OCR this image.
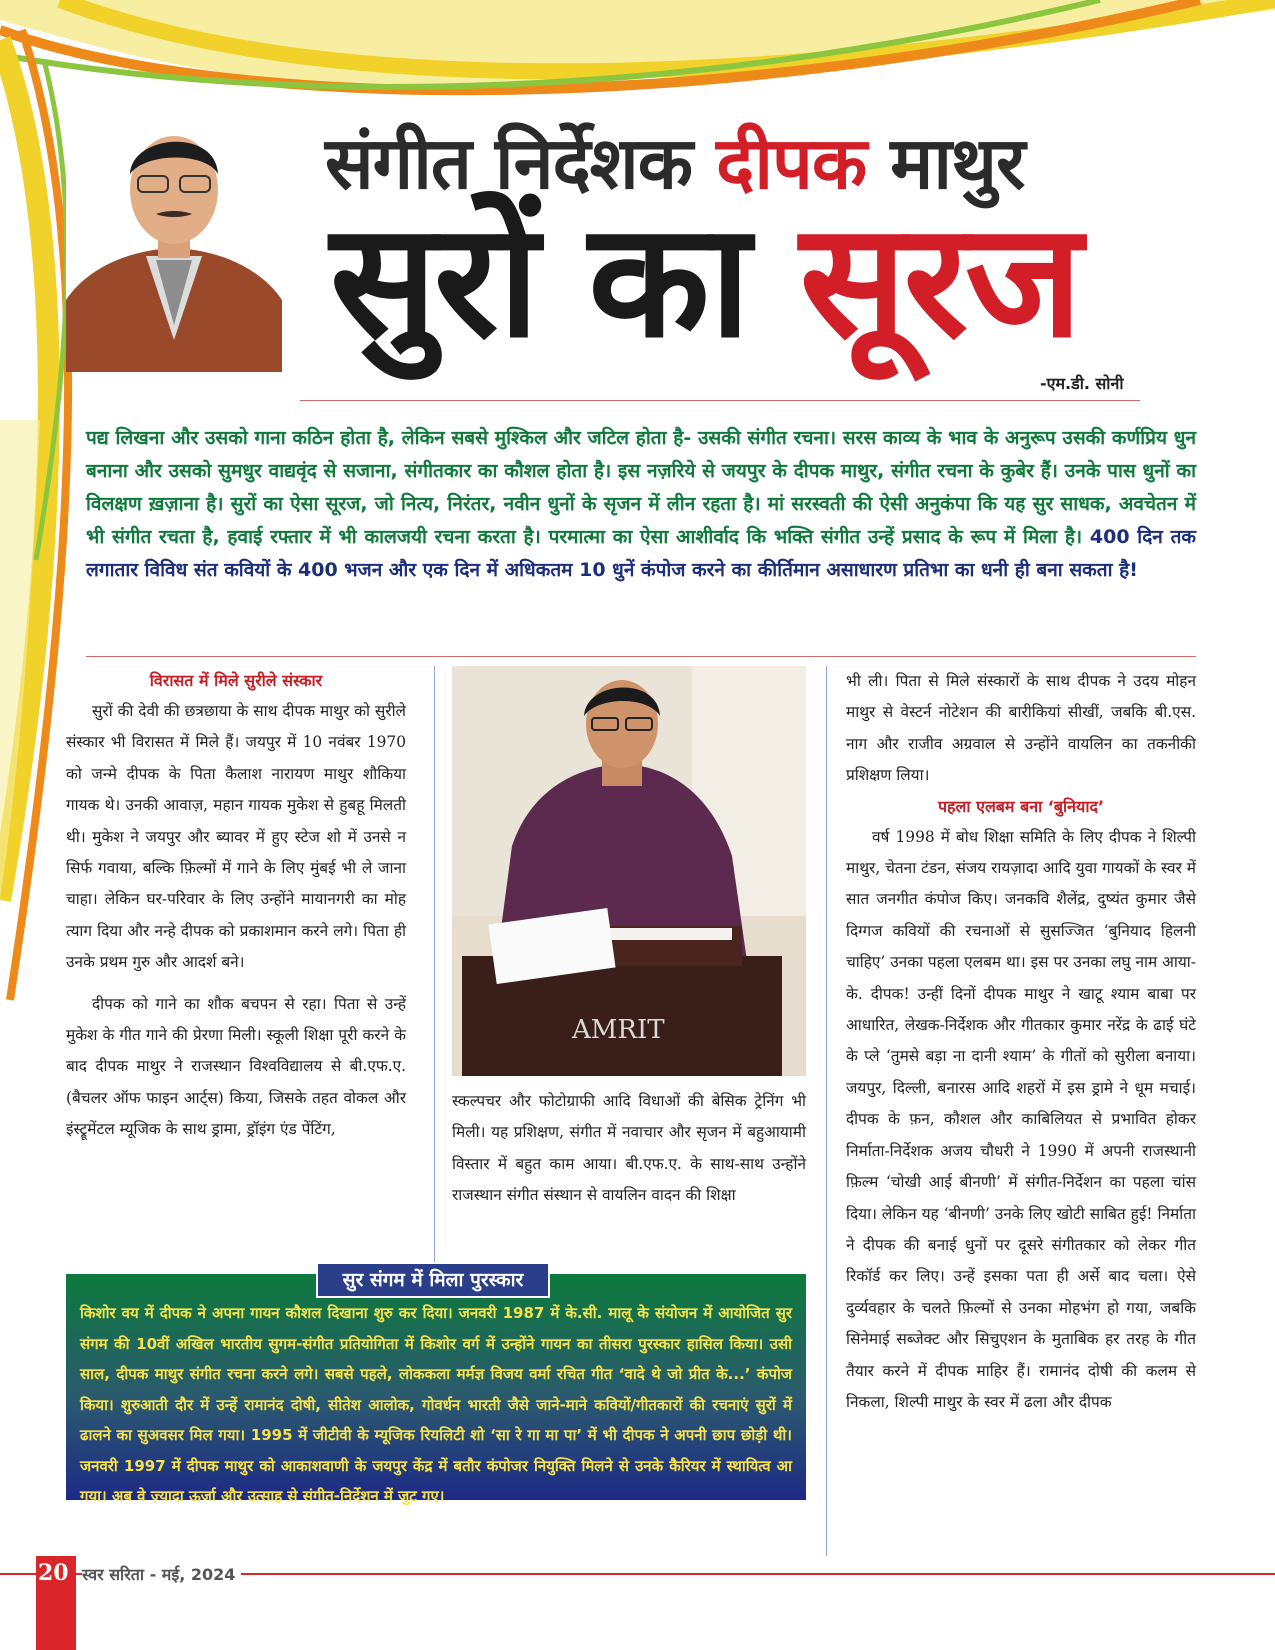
संगीत निर्देशक दीपक माथुर
सुरों का सूरज
-एम.डी. सोनी
पद्य लिखना और उसको गाना कठिन होता है, लेकिन सबसे मुश्किल और जटिल होता है- उसकी संगीत रचना। सरस काव्य के भाव के अनुरूप उसकी कर्णप्रिय धुन बनाना और उसको सुमधुर वाद्यवृंद से सजाना, संगीतकार का कौशल होता है। इस नज़रिये से जयपुर के दीपक माथुर, संगीत रचना के कुबेर हैं। उनके पास धुनों का विलक्षण ख़ज़ाना है। सुरों का ऐसा सूरज, जो नित्य, निरंतर, नवीन धुनों के सृजन में लीन रहता है। मां सरस्वती की ऐसी अनुकंपा कि यह सुर साधक, अवचेतन में भी संगीत रचता है, हवाई रफ्तार में भी कालजयी रचना करता है। परमात्मा का ऐसा आशीर्वाद कि भक्ति संगीत उन्हें प्रसाद के रूप में मिला है। 400 दिन तक लगातार विविध संत कवियों के 400 भजन और एक दिन में अधिकतम 10 धुनें कंपोज करने का कीर्तिमान असाधारण प्रतिभा का धनी ही बना सकता है!
विरासत में मिले सुरीले संस्कार

सुरों की देवी की छत्रछाया के साथ दीपक माथुर को सुरीले संस्कार भी विरासत में मिले हैं। जयपुर में 10 नवंबर 1970 को जन्मे दीपक के पिता कैलाश नारायण माथुर शौकिया गायक थे। उनकी आवाज़, महान गायक मुकेश से हुबहू मिलती थी। मुकेश ने जयपुर और ब्यावर में हुए स्टेज शो में उनसे न सिर्फ गवाया, बल्कि फ़िल्मों में गाने के लिए मुंबई भी ले जाना चाहा। लेकिन घर-परिवार के लिए उन्होंने मायानगरी का मोह त्याग दिया और नन्हे दीपक को प्रकाशमान करने लगे। पिता ही उनके प्रथम गुरु और आदर्श बने।

दीपक को गाने का शौक बचपन से रहा। पिता से उन्हें मुकेश के गीत गाने की प्रेरणा मिली। स्कूली शिक्षा पूरी करने के बाद दीपक माथुर ने राजस्थान विश्वविद्यालय से बी.एफ.ए. (बैचलर ऑफ फाइन आर्ट्स) किया, जिसके तहत वोकल और इंस्ट्रूमेंटल म्यूजिक के साथ ड्रामा, ड्रॉइंग एंड पेंटिंग,

AMRIT

स्कल्पचर और फोटोग्राफी आदि विधाओं की बेसिक ट्रेनिंग भी मिली। यह प्रशिक्षण, संगीत में नवाचार और सृजन में बहुआयामी विस्तार में बहुत काम आया। बी.एफ.ए. के साथ-साथ उन्होंने राजस्थान संगीत संस्थान से वायलिन वादन की शिक्षा

भी ली। पिता से मिले संस्कारों के साथ दीपक ने उदय मोहन माथुर से वेस्टर्न नोटेशन की बारीकियां सीखीं, जबकि बी.एस. नाग और राजीव अग्रवाल से उन्होंने वायलिन का तकनीकी प्रशिक्षण लिया।

पहला एलबम बना ‘बुनियाद’

वर्ष 1998 में बोध शिक्षा समिति के लिए दीपक ने शिल्पी माथुर, चेतना टंडन, संजय रायज़ादा आदि युवा गायकों के स्वर में सात जनगीत कंपोज किए। जनकवि शैलेंद्र, दुष्यंत कुमार जैसे दिग्गज कवियों की रचनाओं से सुसज्जित ‘बुनियाद हिलनी चाहिए’ उनका पहला एलबम था। इस पर उनका लघु नाम आया- के. दीपक! उन्हीं दिनों दीपक माथुर ने खाटू श्याम बाबा पर आधारित, लेखक-निर्देशक और गीतकार कुमार नरेंद्र के ढाई घंटे के प्ले ‘तुमसे बड़ा ना दानी श्याम’ के गीतों को सुरीला बनाया। जयपुर, दिल्ली, बनारस आदि शहरों में इस ड्रामे ने धूम मचाई। दीपक के फ़न, कौशल और काबिलियत से प्रभावित होकर निर्माता-निर्देशक अजय चौधरी ने 1990 में अपनी राजस्थानी फ़िल्म ‘चोखी आई बीनणी’ में संगीत-निर्देशन का पहला चांस दिया। लेकिन यह ‘बीनणी’ उनके लिए खोटी साबित हुई! निर्माता ने दीपक की बनाई धुनों पर दूसरे संगीतकार को लेकर गीत रिकॉर्ड कर लिए। उन्हें इसका पता ही अर्से बाद चला। ऐसे दुर्व्यवहार के चलते फ़िल्मों से उनका मोहभंग हो गया, जबकि सिनेमाई सब्जेक्ट और सिचुएशन के मुताबिक हर तरह के गीत तैयार करने में दीपक माहिर हैं। रामानंद दोषी की कलम से निकला, शिल्पी माथुर के स्वर में ढला और दीपक

किशोर वय में दीपक ने अपना गायन कौशल दिखाना शुरु कर दिया। जनवरी 1987 में के.सी. मालू के संयोजन में आयोजित सुर संगम की 10वीं अखिल भारतीय सुगम-संगीत प्रतियोगिता में किशोर वर्ग में उन्होंने गायन का तीसरा पुरस्कार हासिल किया। उसी साल, दीपक माथुर संगीत रचना करने लगे। सबसे पहले, लोककला मर्मज्ञ विजय वर्मा रचित गीत ‘वादे थे जो प्रीत के...’ कंपोज किया। शुरुआती दौर में उन्हें रामानंद दोषी, सीतेश आलोक, गोवर्धन भारती जैसे जाने-माने कवियों/गीतकारों की रचनाएं सुरों में ढालने का सुअवसर मिल गया। 1995 में जीटीवी के म्यूजिक रियलिटी शो ‘सा रे गा मा पा’ में भी दीपक ने अपनी छाप छोड़ी थी। जनवरी 1997 में दीपक माथुर को आकाशवाणी के जयपुर केंद्र में बतौर कंपोजर नियुक्ति मिलने से उनके कैरियर में स्थायित्व आ गया। अब वे ज़्यादा ऊर्जा और उत्साह से संगीत-निर्देशन में जुट गए।
सुर संगम में मिला पुरस्कार
20 स्वर सरिता - मई, 2024
